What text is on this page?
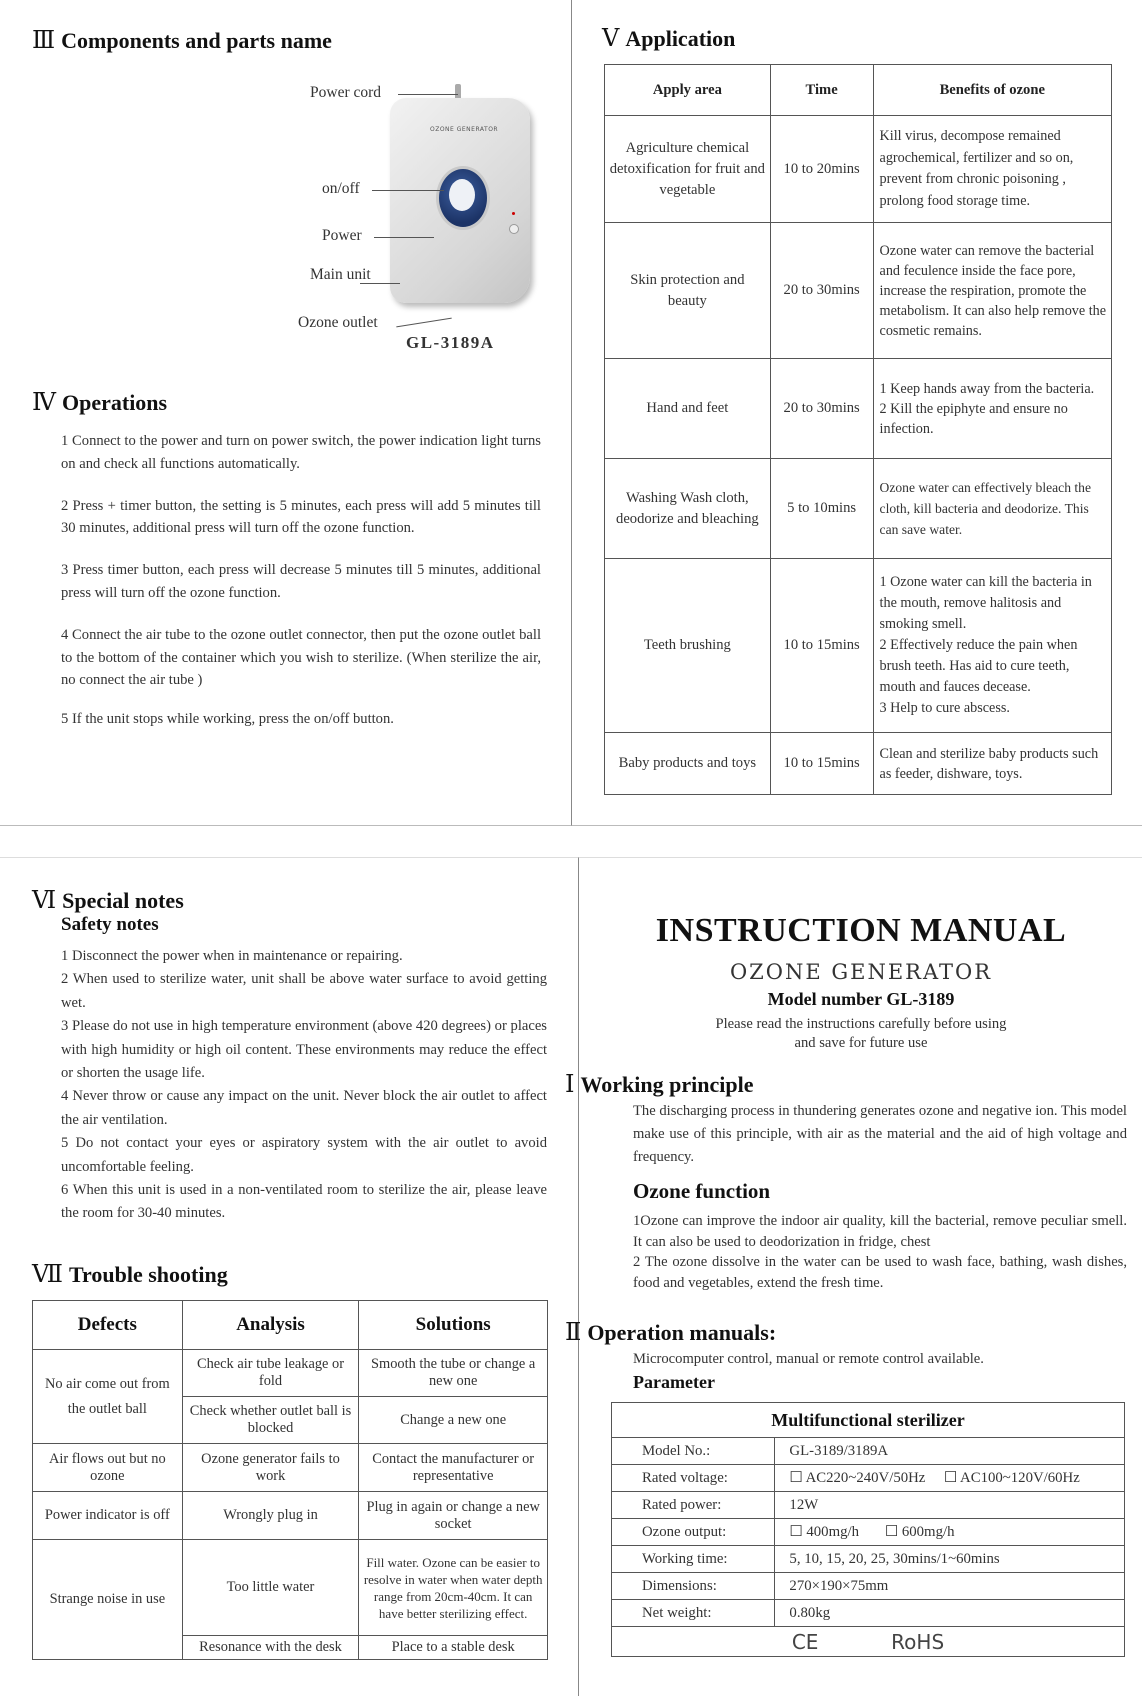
Ⅲ Components and parts name
OZONE GENERATOR
Power cord
on/off
Power
Main unit
Ozone outlet
GL-3189A
Ⅳ Operations

1 Connect to the power and turn on power switch, the power indication light turns on and check all functions automatically.

2 Press + timer button, the setting is 5 minutes, each press will add 5 minutes till 30 minutes, additional press will turn off the ozone function.

3 Press timer button, each press will decrease 5 minutes till 5 minutes, additional press will turn off the ozone function.

4 Connect the air tube to the ozone outlet connector, then put the ozone outlet ball to the bottom of the container which you wish to sterilize. (When sterilize the air, no connect the air tube )

5 If the unit stops while working, press the on/off button.

Ⅴ Application
Apply area	Time	Benefits of ozone
Agriculture chemical detoxification for fruit and vegetable	10 to 20mins	Kill virus, decompose remained agrochemical, fertilizer and so on, prevent from chronic poisoning , prolong food storage time.
Skin protection and beauty	20 to 30mins	Ozone water can remove the bacterial and feculence inside the face pore, increase the respiration, promote the metabolism. It can also help remove the cosmetic remains.
Hand and feet	20 to 30mins	1 Keep hands away from the bacteria.
2 Kill the epiphyte and ensure no infection.
Washing Wash cloth, deodorize and bleaching	5 to 10mins	Ozone water can effectively bleach the cloth, kill bacteria and deodorize. This can save water.
Teeth brushing	10 to 15mins	1 Ozone water can kill the bacteria in the mouth, remove halitosis and smoking smell.
2 Effectively reduce the pain when brush teeth. Has aid to cure teeth, mouth and fauces decease.
3 Help to cure abscess.
Baby products and toys	10 to 15mins	Clean and sterilize baby products such as feeder, dishware, toys.
Ⅵ Special notes
Safety notes

1 Disconnect the power when in maintenance or repairing.

2 When used to sterilize water, unit shall be above water surface to avoid getting wet.

3 Please do not use in high temperature environment (above 420 degrees) or places with high humidity or high oil content. These environments may reduce the effect or shorten the usage life.

4 Never throw or cause any impact on the unit. Never block the air outlet to affect the air ventilation.

5 Do not contact your eyes or aspiratory system with the air outlet to avoid uncomfortable feeling.

6 When this unit is used in a non-ventilated room to sterilize the air, please leave the room for 30-40 minutes.

Ⅶ Trouble shooting
Defects	Analysis	Solutions
No air come out from the outlet ball	Check air tube leakage or fold	Smooth the tube or change a new one
	Check whether outlet ball is blocked	Change a new one
Air flows out but no ozone	Ozone generator fails to work	Contact the manufacturer or representative
Power indicator is off	Wrongly plug in	Plug in again or change a new socket
Strange noise in use	Too little water	Fill water. Ozone can be easier to resolve in water when water depth range from 20cm-40cm. It can have better sterilizing effect.
	Resonance with the desk	Place to a stable desk
INSTRUCTION MANUAL
OZONE GENERATOR
Model number GL-3189
Please read the instructions carefully before using
and save for future use
Ⅰ Working principle
The discharging process in thundering generates ozone and negative ion. This model make use of this principle, with air as the material and the aid of high voltage and frequency.
Ozone function

1Ozone can improve the indoor air quality, kill the bacterial, remove peculiar smell. It can also be used to deodorization in fridge, chest

2 The ozone dissolve in the water can be used to wash face, bathing, wash dishes, food and vegetables, extend the fresh time.

Ⅱ Operation manuals:
Microcomputer control, manual or remote control available.
Parameter
Multifunctional sterilizer	
Model No.:	GL-3189/3189A
Rated voltage:	☐ AC220~240V/50Hz     ☐ AC100~120V/60Hz
Rated power:	12W
Ozone output:	☐ 400mg/h       ☐ 600mg/h
Working time:	5, 10, 15, 20, 25, 30mins/1~60mins
Dimensions:	270×190×75mm
Net weight:	0.80kg
CE RoHS	
